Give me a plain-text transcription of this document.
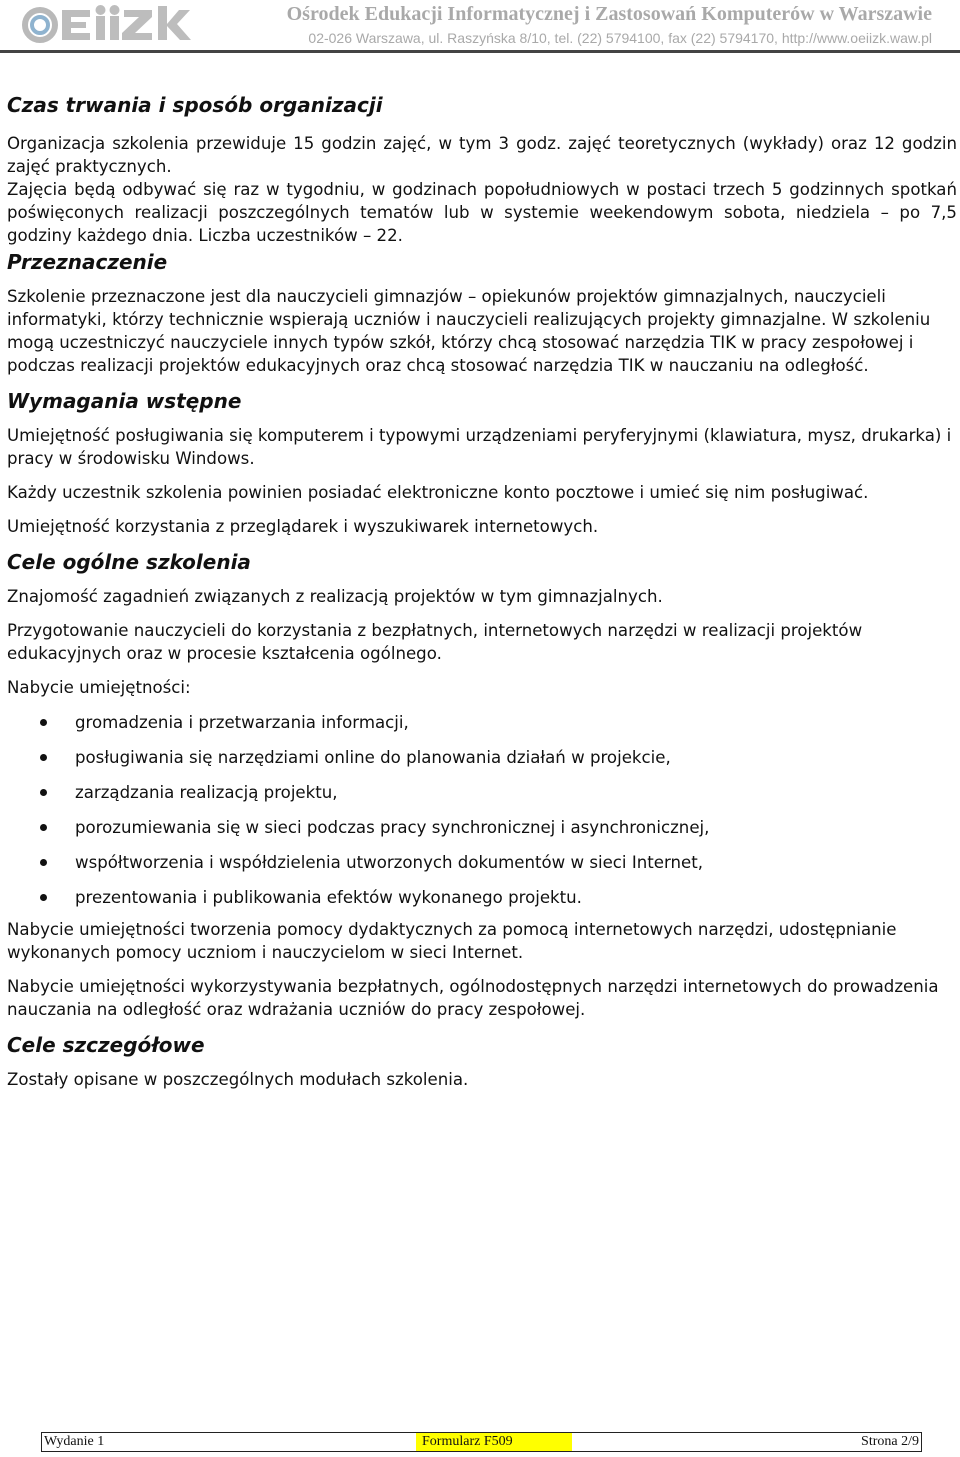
Ośrodek Edukacji Informatycznej i Zastosowań Komputerów w Warszawie
02-026 Warszawa, ul. Raszyńska 8/10, tel. (22) 5794100, fax (22) 5794170, http://www.oeiizk.waw.pl
Czas trwania i sposób organizacji

Organizacja szkolenia przewiduje 15 godzin zajęć, w tym 3 godz. zajęć teoretycznych (wykłady) oraz 12 godzin zajęć praktycznych.

Zajęcia będą odbywać się raz w tygodniu, w godzinach popołudniowych w postaci trzech 5 godzinnych spotkań poświęconych realizacji poszczególnych tematów lub w systemie weekendowym sobota, niedziela – po 7,5 godziny każdego dnia. Liczba uczestników – 22.

Przeznaczenie

Szkolenie przeznaczone jest dla nauczycieli gimnazjów – opiekunów projektów gimnazjalnych, nauczycieli informatyki, którzy technicznie wspierają uczniów i nauczycieli realizujących projekty gimnazjalne. W szkoleniu mogą uczestniczyć nauczyciele innych typów szkół, którzy chcą stosować narzędzia TIK w pracy zespołowej i podczas realizacji projektów edukacyjnych oraz chcą stosować narzędzia TIK w nauczaniu na odległość.

Wymagania wstępne

Umiejętność posługiwania się komputerem i typowymi urządzeniami peryferyjnymi (klawiatura, mysz, drukarka) i pracy w środowisku Windows.

Każdy uczestnik szkolenia powinien posiadać elektroniczne konto pocztowe i umieć się nim posługiwać.

Umiejętność korzystania z przeglądarek i wyszukiwarek internetowych.

Cele ogólne szkolenia

Znajomość zagadnień związanych z realizacją projektów w tym gimnazjalnych.

Przygotowanie nauczycieli do korzystania z bezpłatnych, internetowych narzędzi w realizacji projektów edukacyjnych oraz w procesie kształcenia ogólnego.

Nabycie umiejętności:

gromadzenia i przetwarzania informacji,
posługiwania się narzędziami online do planowania działań w projekcie,
zarządzania realizacją projektu,
porozumiewania się w sieci podczas pracy synchronicznej i asynchronicznej,
współtworzenia i współdzielenia utworzonych dokumentów w sieci Internet,
prezentowania i publikowania efektów wykonanego projektu.

Nabycie umiejętności tworzenia pomocy dydaktycznych za pomocą internetowych narzędzi, udostępnianie wykonanych pomocy uczniom i nauczycielom w sieci Internet.

Nabycie umiejętności wykorzystywania bezpłatnych, ogólnodostępnych narzędzi internetowych do prowadzenia nauczania na odległość oraz wdrażania uczniów do pracy zespołowej.

Cele szczegółowe

Zostały opisane w poszczególnych modułach szkolenia.

Wydanie 1	Formularz F509	Strona 2/9
